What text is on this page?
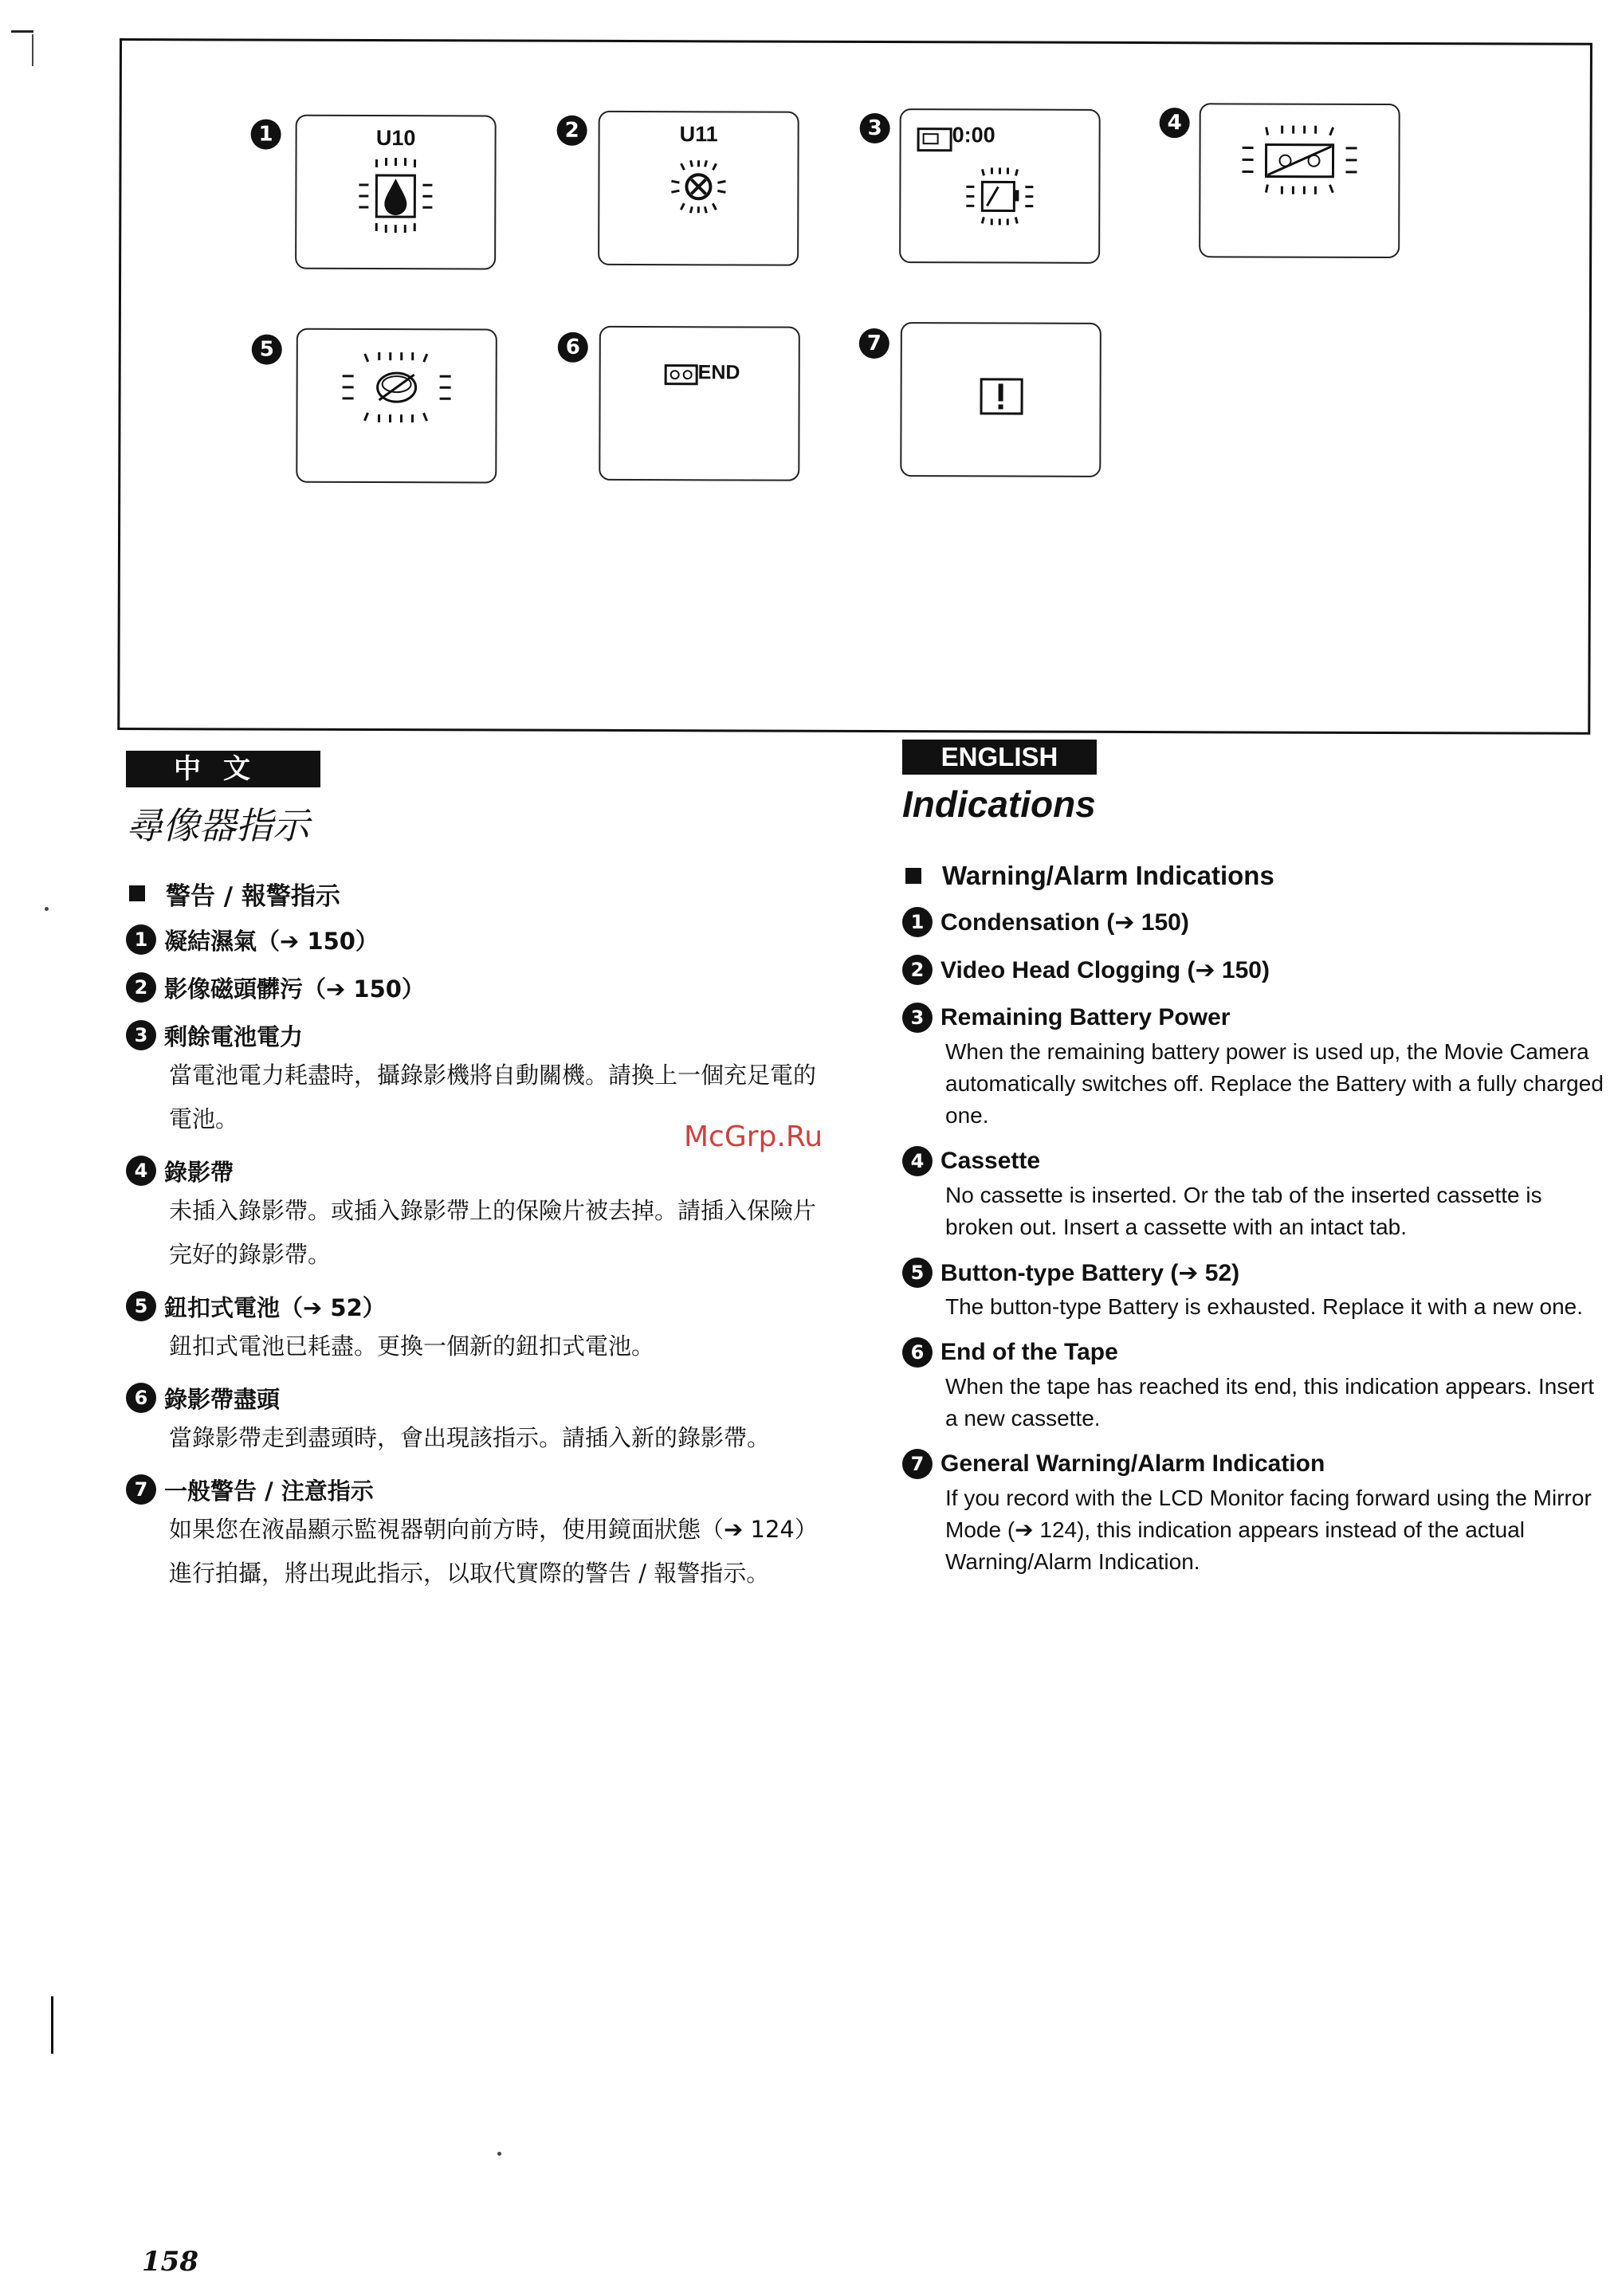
1	U10	2	U11	3	0:00
4
5	6
END
7
中文
尋像器指示
警告 / 報警指示
1 凝結濕氣（➔ 150）
2 影像磁頭髒污（➔ 150）
3 剩餘電池電力
當電池電力耗盡時，攝錄影機將自動關機。請換上一個充足電的電池。
4 錄影帶
未插入錄影帶。或插入錄影帶上的保險片被去掉。請插入保險片完好的錄影帶。
5 鈕扣式電池（➔ 52）
鈕扣式電池已耗盡。更換一個新的鈕扣式電池。
6 錄影帶盡頭
當錄影帶走到盡頭時，會出現該指示。請插入新的錄影帶。
7 一般警告 / 注意指示
如果您在液晶顯示監視器朝向前方時，使用鏡面狀態（➔ 124）進行拍攝，將出現此指示，以取代實際的警告 / 報警指示。
ENGLISH
Indications
Warning/Alarm Indications
1 Condensation (➔ 150)
2 Video Head Clogging (➔ 150)
3 Remaining Battery Power
When the remaining battery power is used up, the Movie Camera automatically switches off. Replace the Battery with a fully charged one.
4 Cassette
No cassette is inserted. Or the tab of the inserted cassette is broken out. Insert a cassette with an intact tab.
5 Button-type Battery (➔ 52)
The button-type Battery is exhausted. Replace it with a new one.
6 End of the Tape
When the tape has reached its end, this indication appears. Insert a new cassette.
7 General Warning/Alarm Indication
If you record with the LCD Monitor facing forward using the Mirror Mode (➔ 124), this indication appears instead of the actual Warning/Alarm Indication.
McGrp.Ru
158
